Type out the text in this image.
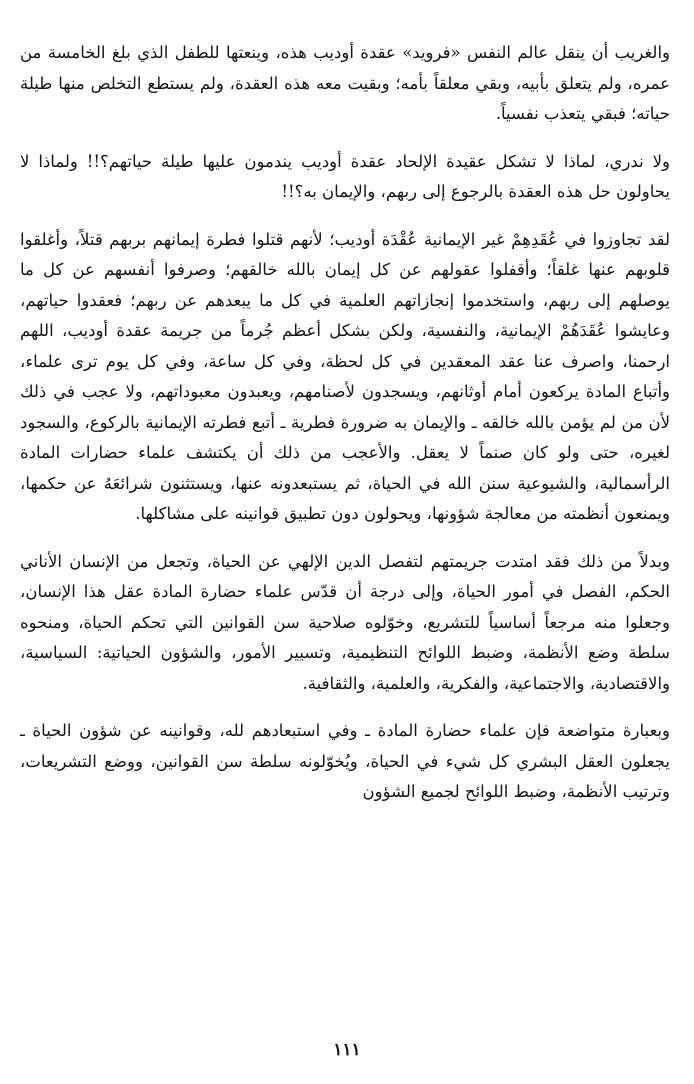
والغريب أن ينقل عالم النفس «فرويد» عقدة أوديب هذه، وينعتها للطفل الذي بلغ الخامسة من عمره، ولم يتعلق بأبيه، وبقي معلقاً بأمه؛ وبقيت معه هذه العقدة، ولم يستطع التخلص منها طيلة حياته؛ فبقي يتعذب نفسياً.

ولا ندري، لماذا لا تشكل عقيدة الإلحاد عقدة أوديب يندمون عليها طيلة حياتهم؟!! ولماذا لا يحاولون حل هذه العقدة بالرجوع إلى ربهم، والإيمان به؟!!

لقد تجاوزوا في عُقَدِهِمْ غير الإيمانية عُقْدَة أوديب؛ لأنهم قتلوا فطرة إيمانهم بربهم قتلاً، وأغلقوا قلوبهم عنها غلقاً؛ وأقفلوا عقولهم عن كل إيمان بالله خالقهم؛ وصرفوا أنفسهم عن كل ما يوصلهم إلى ربهم، واستخدموا إنجازاتهم العلمية في كل ما يبعدهم عن ربهم؛ فعقدوا حياتهم، وعايشوا عُقَدَهُمْ الإيمانية، والنفسية، ولكن بشكل أعظم جُرماً من جريمة عقدة أوديب، اللهم ارحمنا، واصرف عنا عقد المعقدين في كل لحظة، وفي كل ساعة، وفي كل يوم ترى علماء، وأتباع المادة يركعون أمام أوثانهم، ويسجدون لأصنامهم، ويعبدون معبوداتهم، ولا عجب في ذلك لأن من لم يؤمن بالله خالقه ـ والإيمان به ضرورة فطرية ـ أتبع فطرته الإيمانية بالركوع، والسجود لغيره، حتى ولو كان صنماً لا يعقل. والأعجب من ذلك أن يكتشف علماء حضارات المادة الرأسمالية، والشيوعية سنن الله في الحياة، ثم يستبعدونه عنها، ويستثنون شرائعَهُ عن حكمها، ويمنعون أنظمته من معالجة شؤونها، ويحولون دون تطبيق قوانينه على مشاكلها.

وبدلاً من ذلك فقد امتدت جريمتهم لتفصل الدين الإلهي عن الحياة، وتجعل من الإنسان الأناني الحكم، الفصل في أمور الحياة، وإلى درجة أن قدّس علماء حضارة المادة عقل هذا الإنسان، وجعلوا منه مرجعاً أساسياً للتشريع، وخوّلوه صلاحية سن القوانين التي تحكم الحياة، ومنحوه سلطة وضع الأنظمة، وضبط اللوائح التنظيمية، وتسيير الأمور، والشؤون الحياتية: السياسية، والاقتصادية، والاجتماعية، والفكرية، والعلمية، والثقافية.

وبعبارة متواضعة فإن علماء حضارة المادة ـ وفي استبعادهم لله، وقوانينه عن شؤون الحياة ـ يجعلون العقل البشري كل شيء في الحياة، ويُخوّلونه سلطة سن القوانين، ووضع التشريعات، وترتيب الأنظمة، وضبط اللوائح لجميع الشؤون

١١١
